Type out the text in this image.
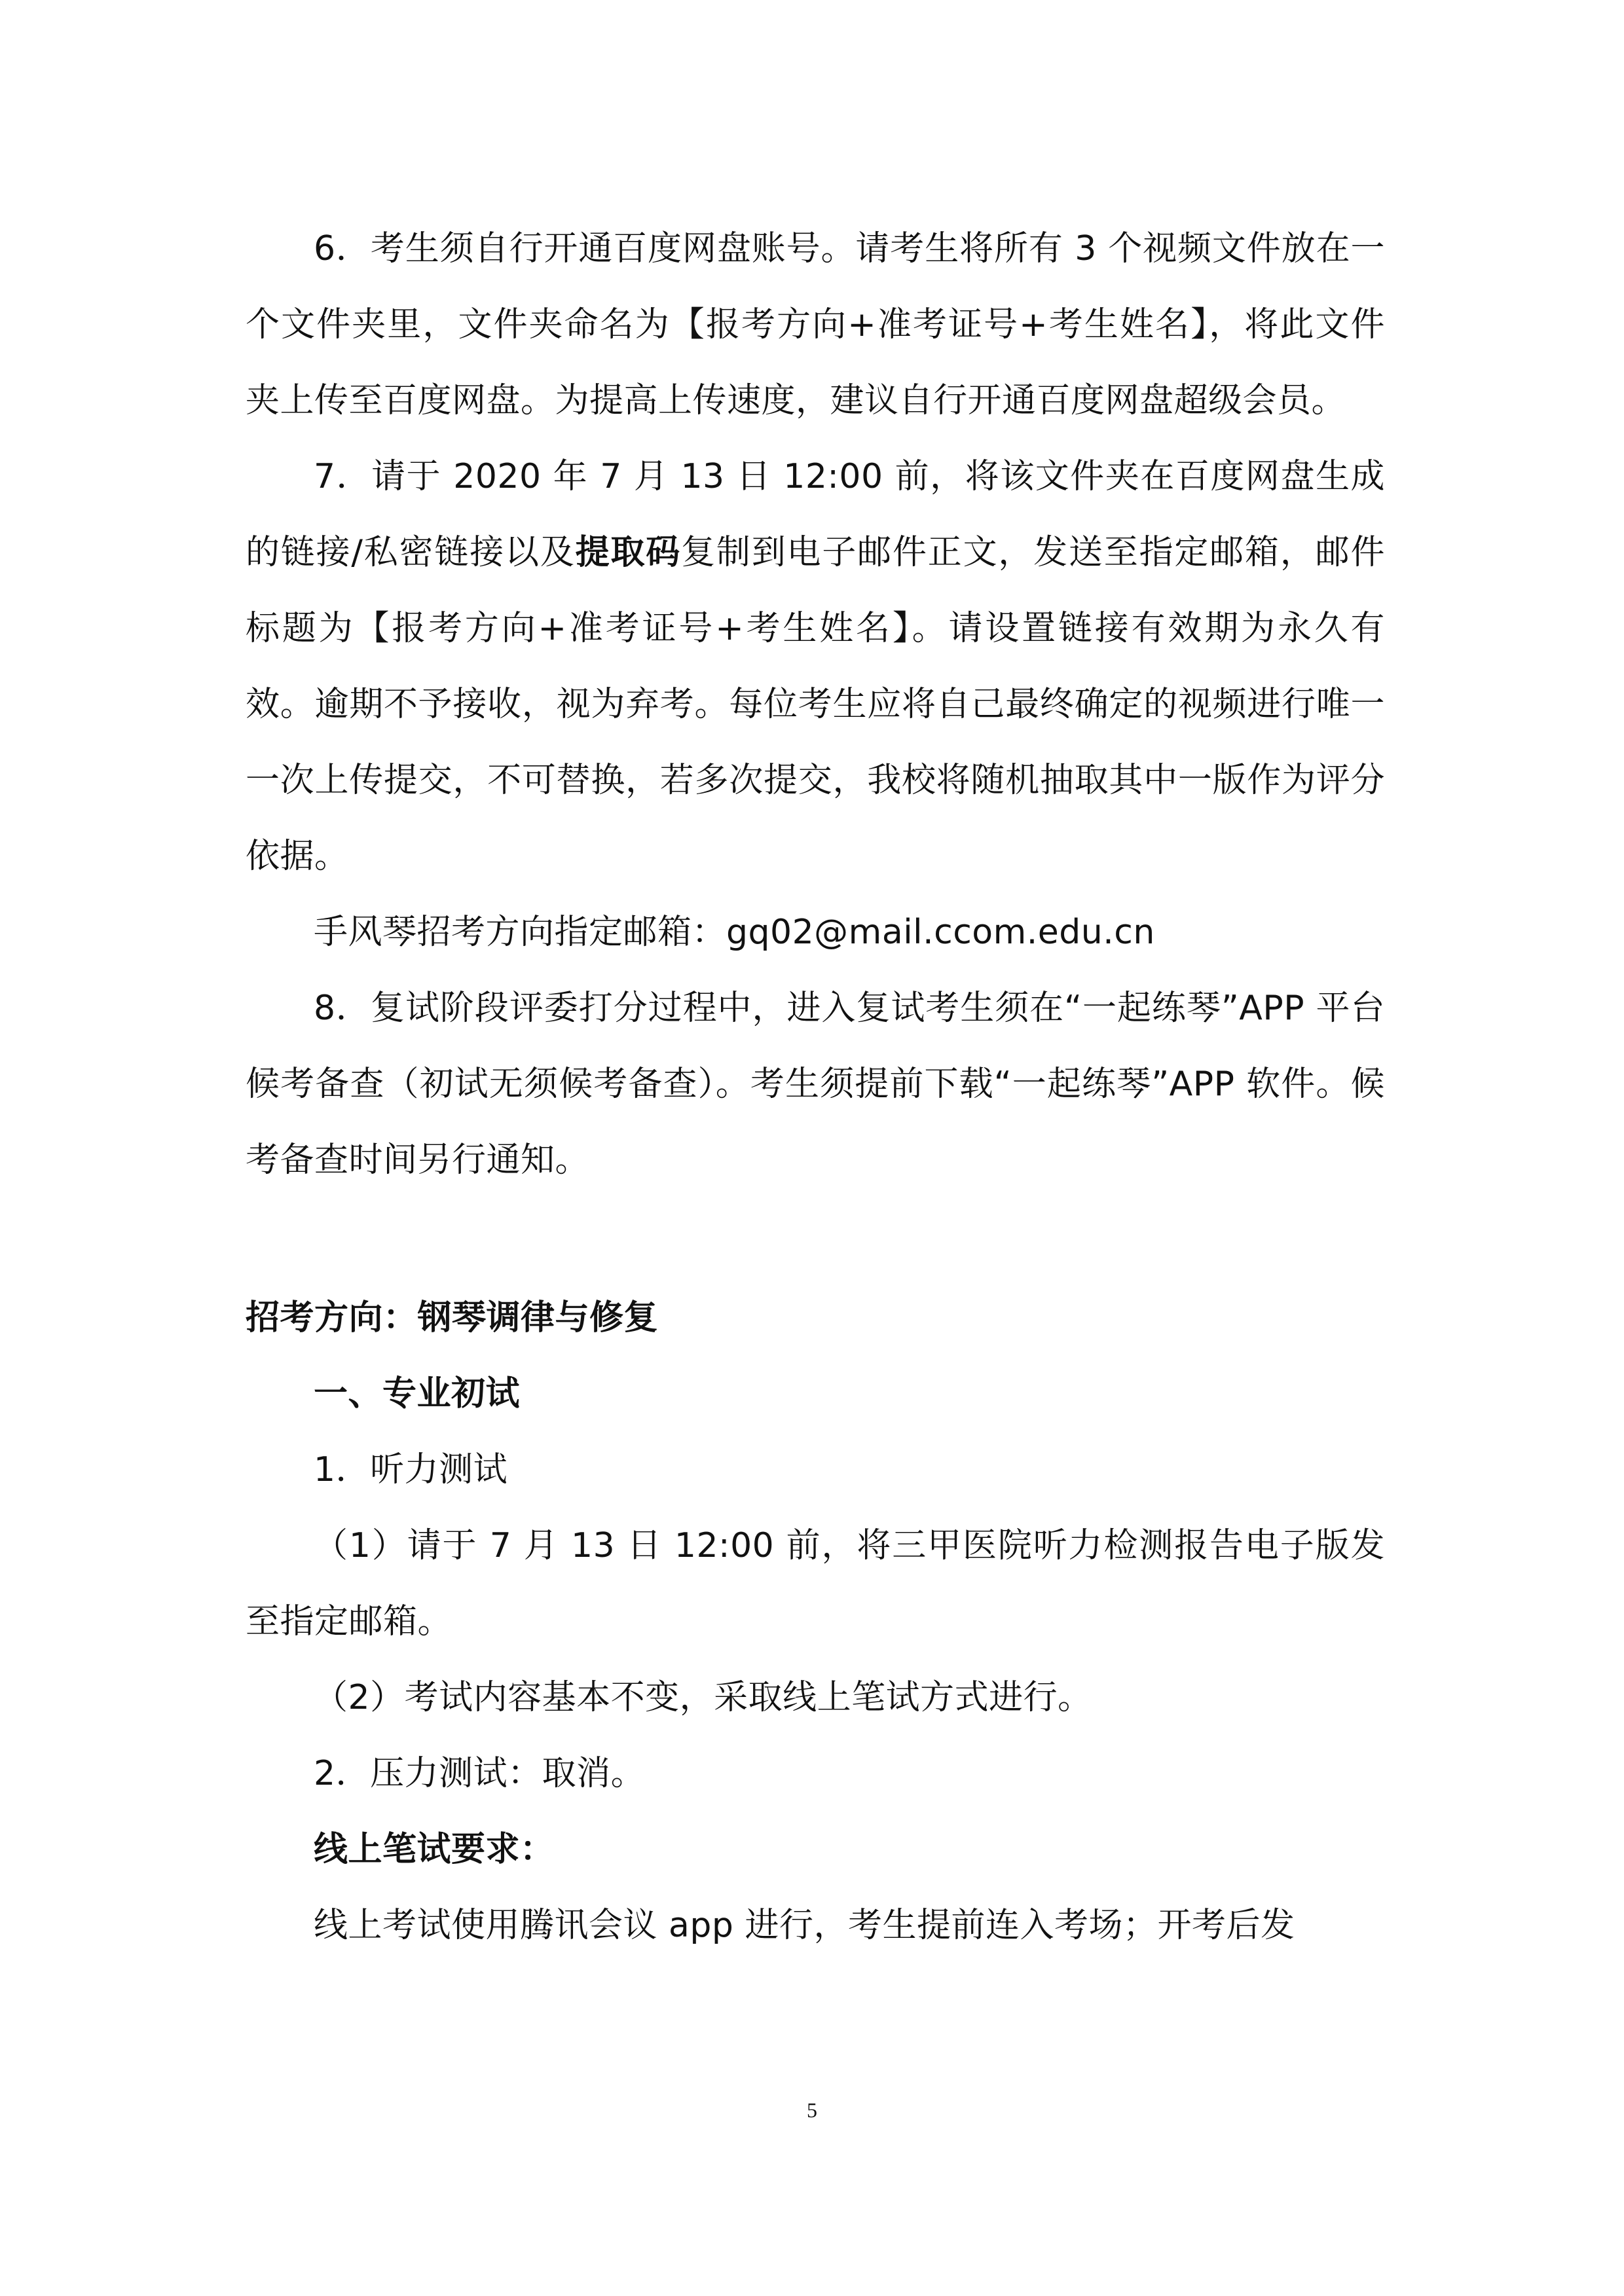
6．考生须自行开通百度网盘账号。请考生将所有 3 个视频文件放在一个文件夹里，文件夹命名为【报考方向+准考证号+考生姓名】，将此文件夹上传至百度网盘。为提高上传速度，建议自行开通百度网盘超级会员。

7．请于 2020 年 7 月 13 日 12:00 前，将该文件夹在百度网盘生成的链接/私密链接以及提取码复制到电子邮件正文，发送至指定邮箱，邮件标题为【报考方向+准考证号+考生姓名】。请设置链接有效期为永久有效。逾期不予接收，视为弃考。每位考生应将自己最终确定的视频进行唯一一次上传提交，不可替换，若多次提交，我校将随机抽取其中一版作为评分依据。

手风琴招考方向指定邮箱：gq02@mail.ccom.edu.cn

8．复试阶段评委打分过程中，进入复试考生须在“一起练琴”APP 平台候考备查（初试无须候考备查）。考生须提前下载“一起练琴”APP 软件。候考备查时间另行通知。

招考方向：钢琴调律与修复

一、专业初试

1．听力测试

（1）请于 7 月 13 日 12:00 前，将三甲医院听力检测报告电子版发至指定邮箱。

（2）考试内容基本不变，采取线上笔试方式进行。

2．压力测试：取消。

线上笔试要求：

线上考试使用腾讯会议 app 进行，考生提前连入考场；开考后发

5
